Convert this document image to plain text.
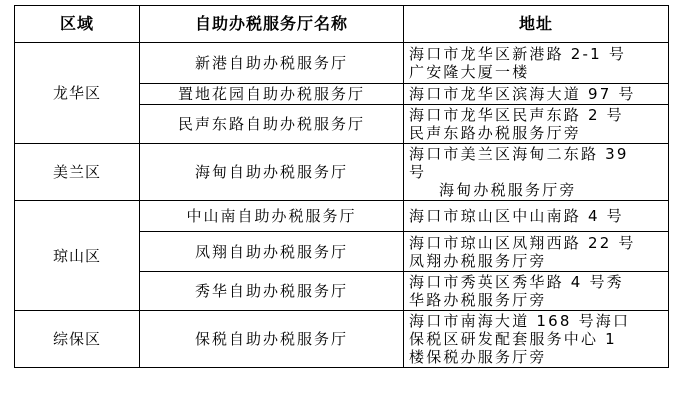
区域	自助办税服务厅名称	地址
龙华区	新港自助办税服务厅	海口市龙华区新港路 2-1 号
广安隆大厦一楼

	置地花园自助办税服务厅	海口市龙华区滨海大道 97 号

	民声东路自助办税服务厅	海口市龙华区民声东路 2 号
民声东路办税服务厅旁

美兰区	海甸自助办税服务厅	海口市美兰区海甸二东路 39
号
海甸办税服务厅旁

琼山区	中山南自助办税服务厅	海口市琼山区中山南路 4 号

	凤翔自助办税服务厅	海口市琼山区凤翔西路 22 号
凤翔办税服务厅旁

	秀华自助办税服务厅	海口市秀英区秀华路 4 号秀
华路办税服务厅旁

综保区	保税自助办税服务厅	海口市南海大道 168 号海口
保税区研发配套服务中心 1
楼保税办服务厅旁
